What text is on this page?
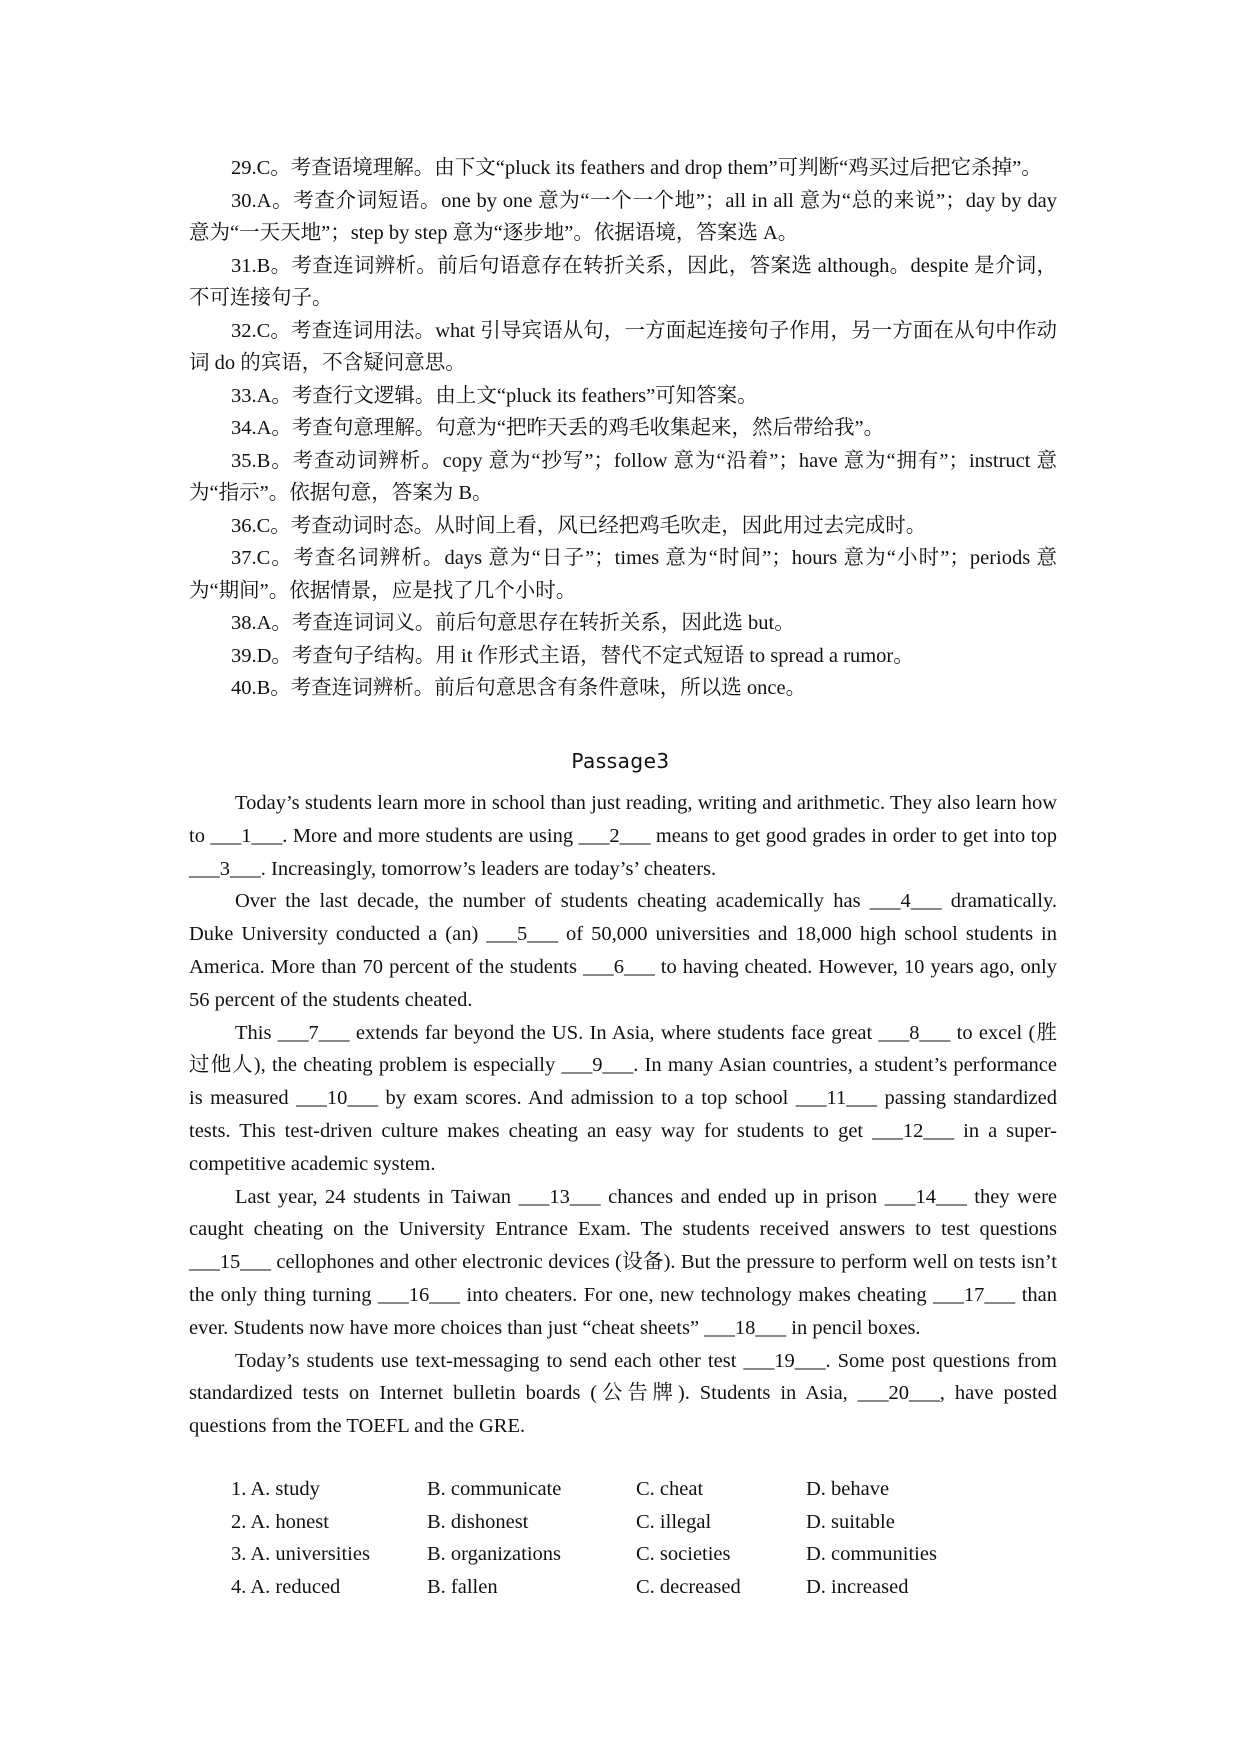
29.C。考查语境理解。由下文“pluck its feathers and drop them”可判断“鸡买过后把它杀掉”。

30.A。考查介词短语。one by one 意为“一个一个地”；all in all 意为“总的来说”；day by day 意为“一天天地”；step by step 意为“逐步地”。依据语境，答案选 A。

31.B。考查连词辨析。前后句语意存在转折关系，因此，答案选 although。despite 是介词，不可连接句子。

32.C。考查连词用法。what 引导宾语从句，一方面起连接句子作用，另一方面在从句中作动词 do 的宾语，不含疑问意思。

33.A。考查行文逻辑。由上文“pluck its feathers”可知答案。

34.A。考查句意理解。句意为“把昨天丢的鸡毛收集起来，然后带给我”。

35.B。考查动词辨析。copy 意为“抄写”；follow 意为“沿着”；have 意为“拥有”；instruct 意为“指示”。依据句意，答案为 B。

36.C。考查动词时态。从时间上看，风已经把鸡毛吹走，因此用过去完成时。

37.C。考查名词辨析。days 意为“日子”；times 意为“时间”；hours 意为“小时”；periods 意为“期间”。依据情景，应是找了几个小时。

38.A。考查连词词义。前后句意思存在转折关系，因此选 but。

39.D。考查句子结构。用 it 作形式主语，替代不定式短语 to spread a rumor。

40.B。考查连词辨析。前后句意思含有条件意味，所以选 once。

Passage3

Today’s students learn more in school than just reading, writing and arithmetic. They also learn how to ___1___. More and more students are using ___2___ means to get good grades in order to get into top ___3___. Increasingly, tomorrow’s leaders are today’s’ cheaters.

Over the last decade, the number of students cheating academically has ___4___ dramatically. Duke University conducted a (an) ___5___ of 50,000 universities and 18,000 high school students in America. More than 70 percent of the students ___6___ to having cheated. However, 10 years ago, only 56 percent of the students cheated.

This ___7___ extends far beyond the US. In Asia, where students face great ___8___ to excel (胜过他人), the cheating problem is especially ___9___. In many Asian countries, a student’s performance is measured ___10___ by exam scores. And admission to a top school ___11___ passing standardized tests. This test-driven culture makes cheating an easy way for students to get ___12___ in a super-competitive academic system.

Last year, 24 students in Taiwan ___13___ chances and ended up in prison ___14___ they were caught cheating on the University Entrance Exam. The students received answers to test questions ___15___ cellophones and other electronic devices (设备). But the pressure to perform well on tests isn’t the only thing turning ___16___ into cheaters. For one, new technology makes cheating ___17___ than ever. Students now have more choices than just “cheat sheets” ___18___ in pencil boxes.

Today’s students use text-messaging to send each other test ___19___. Some post questions from standardized tests on Internet bulletin boards (公告牌). Students in Asia, ___20___, have posted questions from the TOEFL and the GRE.

1. A. study	B. communicate	C. cheat	D. behave
2. A. honest	B. dishonest	C. illegal	D. suitable
3. A. universities	B. organizations	C. societies	D. communities
4. A. reduced	B. fallen	C. decreased	D. increased
